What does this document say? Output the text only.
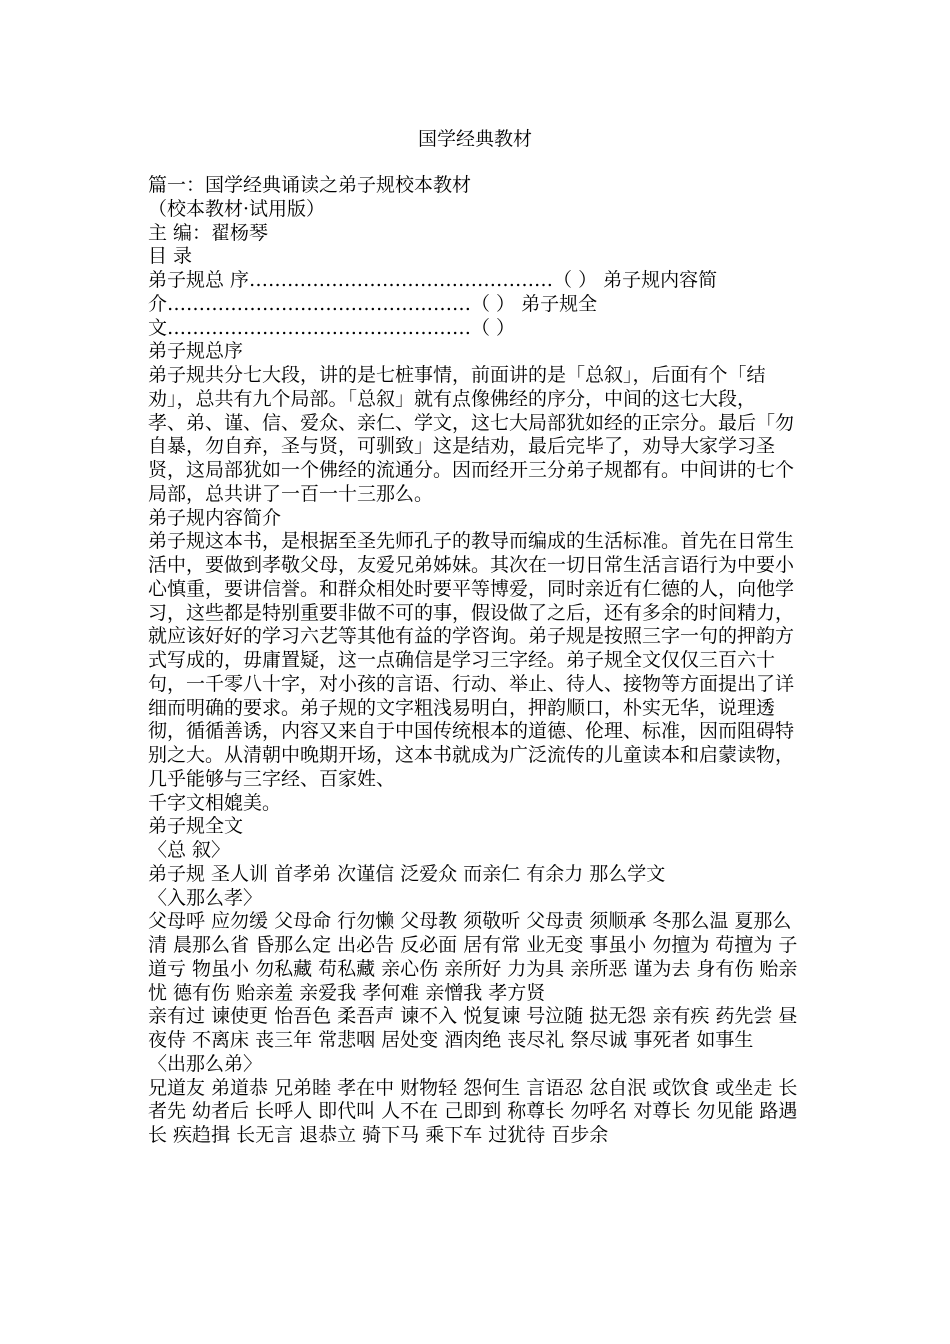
国学经典教材
篇一：国学经典诵读之弟子规校本教材
（校本教材·试用版）
主 编：翟杨琴
目 录
弟子规总 序…………………………………………（ ） 弟子规内容简
介…………………………………………（ ） 弟子规全
文…………………………………………（ ）
弟子规总序
弟子规共分七大段，讲的是七桩事情，前面讲的是「总叙」，后面有个「结
劝」，总共有九个局部。「总叙」就有点像佛经的序分，中间的这七大段，
孝、弟、谨、信、爱众、亲仁、学文，这七大局部犹如经的正宗分。最后「勿
自暴，勿自弃，圣与贤，可驯致」这是结劝，最后完毕了，劝导大家学习圣
贤，这局部犹如一个佛经的流通分。因而经开三分弟子规都有。中间讲的七个
局部，总共讲了一百一十三那么。
弟子规内容简介
弟子规这本书，是根据至圣先师孔子的教导而编成的生活标准。首先在日常生
活中，要做到孝敬父母，友爱兄弟姊妹。其次在一切日常生活言语行为中要小
心慎重，要讲信誉。和群众相处时要平等博爱，同时亲近有仁德的人，向他学
习，这些都是特别重要非做不可的事，假设做了之后，还有多余的时间精力，
就应该好好的学习六艺等其他有益的学咨询。弟子规是按照三字一句的押韵方
式写成的，毋庸置疑，这一点确信是学习三字经。弟子规全文仅仅三百六十
句，一千零八十字，对小孩的言语、行动、举止、待人、接物等方面提出了详
细而明确的要求。弟子规的文字粗浅易明白，押韵顺口，朴实无华，说理透
彻，循循善诱，内容又来自于中国传统根本的道德、伦理、标准，因而阻碍特
别之大。从清朝中晚期开场，这本书就成为广泛流传的儿童读本和启蒙读物，
几乎能够与三字经、百家姓、
千字文相媲美。
弟子规全文
〈总 叙〉
弟子规 圣人训 首孝弟 次谨信 泛爱众 而亲仁 有余力 那么学文
〈入那么孝〉
父母呼 应勿缓 父母命 行勿懒 父母教 须敬听 父母责 须顺承 冬那么温 夏那么
清 晨那么省 昏那么定 出必告 反必面 居有常 业无变 事虽小 勿擅为 苟擅为 子
道亏 物虽小 勿私藏 苟私藏 亲心伤 亲所好 力为具 亲所恶 谨为去 身有伤 贻亲
忧 德有伤 贻亲羞 亲爱我 孝何难 亲憎我 孝方贤
亲有过 谏使更 怡吾色 柔吾声 谏不入 悦复谏 号泣随 挞无怨 亲有疾 药先尝 昼
夜侍 不离床 丧三年 常悲咽 居处变 酒肉绝 丧尽礼 祭尽诚 事死者 如事生
〈出那么弟〉
兄道友 弟道恭 兄弟睦 孝在中 财物轻 怨何生 言语忍 忿自泯 或饮食 或坐走 长
者先 幼者后 长呼人 即代叫 人不在 己即到 称尊长 勿呼名 对尊长 勿见能 路遇
长 疾趋揖 长无言 退恭立 骑下马 乘下车 过犹待 百步余
